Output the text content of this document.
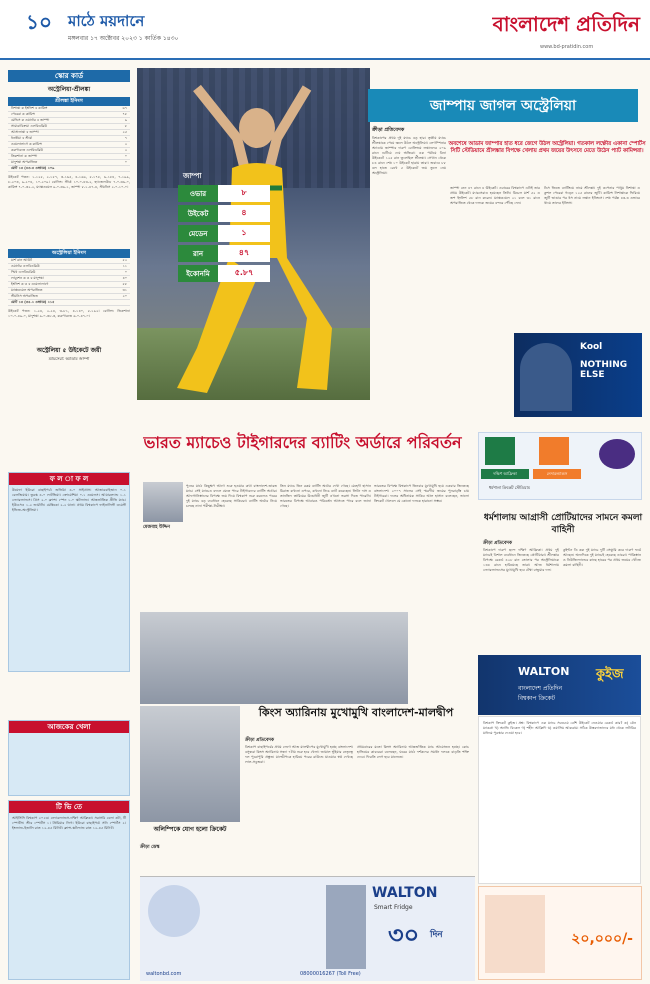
১০	মাঠে ময়দানে
মঙ্গলবার ১৭ অক্টোবর ২০২৩ ১ কার্তিক ১৪৩০
বাংলাদেশ প্রতিদিন
www.bd-pratidin.com
স্কোর কার্ড
অস্ট্রেলিয়া-শ্রীলঙ্কা
শ্রীলঙ্কা ইনিংস
নিশাঙ্কা ক ইংলিশ ব কামিন্স	৬৭
পেরেরা ক কামিন্স	৭৮
মেন্ডিস ক ওয়ার্নার ব জাম্পা	৯
সামারাবিক্রমা এলবিডব্লিউ	৮
আসালাঙ্কা ব জাম্পা	২৫
ধনঞ্জয়া ব স্টার্ক	৭
ওয়েলালাগে ক কামিন্স	২
করুণারত্নে এলবিডব্লিউ	২
তিকশানা ক জাম্পা	০
মাদুশঙ্কা অপরাজিত	০
মোট ১৩ (৪৩.৩ ওভারে) ২০৯
উইকেট পতন: ১-১২৫, ২-১৫৭, ৩-১৬৫, ৪-১৬৬, ৫-১৭৮, ৬-১৮৪, ৭-১৯৯, ৮-২০৩, ৯-২০৪, ১০-২০৯। বোলিং: স্টার্ক ১০-০-৪৩-২, হ্যাজেলউড ৭-০-৩৬-০, কামিন্স ৭-০-৩২-২, ম্যাক্সওয়েল ৯-০-৩৬-১, জাম্পা ৮-১-৪৭-৪, স্টয়নিস ২-০-১০-০।
অস্ট্রেলিয়া ইনিংস
মার্শ রান আউট	৫২
ওয়ার্নার এলবিডব্লিউ	১১
স্মিথ এলবিডব্লিউ	০
লাবুশেন ক ও ব মাদুশঙ্কা	৪০
ইংলিশ ক ও ব ওয়েলালাগে	৫৮
ম্যাক্সওয়েল অপরাজিত	৩১
স্টয়নিস অপরাজিত	২০
মোট ১৩ (৩৫.২ ওভারে) ২১৫
উইকেট পতন: ১-২৪, ২-২৪, ৩-৮১, ৪-১৪০, ৫-১৯২। বোলিং: তিকশানা ১০-০-৪৯-০, মাদুশঙ্কা ৯-০-৩৮-৩, করুণারত্নে ৬-০-৪৭-০।
অস্ট্রেলিয়া ৫ উইকেটে জয়ী
ম্যাচসেরা: অ্যাডাম জাম্পা
ফ ল া ফ ল
উয়েফা ইউরো বাছাইপর্ব। জর্জিয়া ৪-০ সাইপ্রাস। আজারবাইজান ০-১ বেলজিয়াম। তুরস্ক ৪-০ লাটভিয়া। ক্রোয়েশিয়া ০-১ ওয়েলস। আয়ারল্যান্ড ১-১ নেদারল্যান্ডস। গ্রিস ২-০ ফ্রান্স। স্পেন ১-০ স্কটল্যান্ড। আন্তর্জাতিক প্রীতি ম্যাচ। ইউএসএ ১-২ জার্মানি। মেক্সিকো ২-২ ঘানা। প্রথম বিশ্বকাপে ফাইনালিস্ট ওয়েস্ট ইন্ডিজ-অস্ট্রেলিয়া।
আজকের খেলা
টি ভি তে
আইসিসি বিশ্বকাপ ২০২৩। নেদারল্যান্ডস-দক্ষিণ আফ্রিকা। সরাসরি বেলা ৩টা, টি স্পোর্টস। স্টার স্পোর্টস ১। প্রিমিয়ার লিগ। ইউরো বাছাইপর্ব। সনি স্পোর্টস ২। ইংল্যান্ড-ইতালি রাত ১২-৪৫ মিনিট। ফ্রান্স-স্কটল্যান্ড রাত ১২-৪৫ মিনিট।
জাম্পা
ওভার	৮
উইকেট	৪
মেডেন	১
রান	৪৭
ইকোনমি	৫.৮৭
জাম্পায় জাগল অস্ট্রেলিয়া
ক্রীড়া প্রতিবেদক
অবশেষে আডাম জাম্পার হাত ধরে জেগে উঠল অস্ট্রেলিয়া। গতকাল লক্ষ্ণৌর একানা স্পোর্টস সিটি স্টেডিয়ামে শ্রীলঙ্কার বিপক্ষে খেলায় প্রথম জয়ের উৎসবে মেতে উঠেন প্যাট কামিন্সরা।
বিশ্বকাপের প্রথম দুই ম্যাচে বড় হার। তৃতীয় ম্যাচে শ্রীলঙ্কাকে পেয়ে জ্বলে উঠল অস্ট্রেলিয়া। লেগস্পিনার অ্যাডাম জাম্পার দারুণ বোলিংয়ে লঙ্কানদের ২০৯ রানে গুটিয়ে দেয় অজিরা। এক পর্যায়ে বিনা উইকেটে ১২৫ রান তুলেছিল শ্রীলঙ্কা। সেখান থেকে ৮৪ রানে শেষ ১০ উইকেট হারায় তারা। জবাবে ৮৮ বল হাতে রেখে ৫ উইকেটে জয় তুলে নেয় অস্ট্রেলিয়া।
জাম্পা নেন ৪৭ রানে ৪ উইকেট। এবারের বিশ্বকাপে এটাই তার প্রথম উইকেট। ম্যাচসেরাও হয়েছেন তিনি। মিচেল মার্শ ৫২ ও জশ ইংলিশ ৫৮ রান করেন। ম্যাক্সওয়েল ২১ বলে ৩১ রানে অপরাজিত থেকে দলকে জয়ের বন্দরে পৌঁছে দেন।
টসে জিতে ব্যাটিংয়ে নামে শ্রীলঙ্কা। দুই ওপেনার পাথুম নিশাঙ্কা ও কুশল পেরেরা গড়েন ১২৫ রানের জুটি। কামিন্স নিশাঙ্কাকে ফিরিয়ে জুটি ভাঙার পর ধস নামে লঙ্কান ইনিংসে। শেষ পর্যন্ত ৪৩.৩ ওভারে থামে তাদের ইনিংস।
Kool
NOTHING ELSE
ভারত ম্যাচেও টাইগারদের ব্যাটিং অর্ডারে পরিবর্তন
মেজবাহ উদ্দিন
পুনের মাঠে কিছুক্ষণ আগে শুরু হওয়ার কথা বাংলাদেশ-ভারত ম্যাচ। সেই ম্যাচেও বদলে যেতে পারে টাইগারদের ব্যাটিং অর্ডার। আফগানিস্তানের বিপক্ষে জয় দিয়ে বিশ্বকাপ শুরু করলেও পরের দুই ম্যাচে বড় ব্যবধানে হেরেছে সাকিবরা। ব্যাটিং অর্ডার নিয়ে চলছে নানা পরীক্ষা-নিরীক্ষা।
তিন ম্যাচে তিন রকম ব্যাটিং অর্ডার দেখা গেছে। মেহেদী হাসান মিরাজ কখনো ওপরে, কখনো নিচে ব্যাট করেছেন। লিটন দাস ও তানজিদ তামিমের উদ্বোধনী জুটি এখনো ভরসা দিতে পারেনি। ভারতের বিপক্ষে আবারও পরিবর্তন আসতে পারে বলে জানা গেছে।
ভারতের বিপক্ষে বিশ্বকাপে তিনবার মুখোমুখি হয়ে একবার জিতেছে বাংলাদেশ। ২০০৭ সালের সেই স্মরণীয় জয়ের পুনরাবৃত্তি চায় টাইগাররা। দলের অধিনায়ক সাকিব আল হাসান বলেছেন, ভালো ক্রিকেট খেললে যে কোনো দলকে হারানো সম্ভব।
দক্ষিণ আফ্রিকা	নেদারল্যান্ডস
ধর্মশালা ক্রিকেট স্টেডিয়াম
ধর্মশালায় আগ্রাসী প্রোটিয়াদের সামনে কমলা বাহিনী
ক্রীড়া প্রতিবেদক
বিশ্বকাপে দারুণ ছন্দে দক্ষিণ আফ্রিকা। প্রথম দুই ম্যাচেই বিশাল ব্যবধানে জিতেছে প্রোটিয়ারা। শ্রীলঙ্কার বিপক্ষে রেকর্ড ৪২৮ রান তোলার পর অস্ট্রেলিয়াকে ১৩৪ রানে হারিয়েছে তারা। আজ ধর্মশালায় নেদারল্যান্ডসের মুখোমুখি হবে টেম্বা বাভুমার দল।
কুইন্টন ডি কক দুই ম্যাচে দুটি সেঞ্চুরি করে দারুণ ফর্মে আছেন। অন্যদিকে দুই ম্যাচেই হেরেছে ডাচরা। পাকিস্তান ও নিউজিল্যান্ডের কাছে হারের পর প্রথম জয়ের খোঁজে কমলা বাহিনী।
কিংস অ্যারিনায় মুখোমুখি বাংলাদেশ-মালদ্বীপ
ক্রীড়া প্রতিবেদক
বিশ্বকাপ বাছাইপর্বের প্রথম লেগে আজ মালদ্বীপের মুখোমুখি হচ্ছে বাংলাদেশ। বসুন্ধরা কিংস অ্যারিনায় সন্ধ্যা ৭টায় শুরু হবে খেলা। জামাল ভূঁইয়ার নেতৃত্বে দল পুরোপুরি প্রস্তুত। মালদ্বীপকে হারিয়ে পরের রাউন্ডে যাওয়ার স্বপ্ন দেখছে লাল-সবুজরা।
প্রথমবারের মতো কিংস অ্যারিনায় আন্তর্জাতিক ম্যাচ আয়োজন হচ্ছে। কোচ হাভিয়ের কাবরেরা বলেছেন, ঘরের মাঠে দর্শকদের সমর্থন দলকে বাড়তি শক্তি দেবে। ফিরতি লেগ হবে মালেতে।
অলিম্পিকে যোগ হলো ক্রিকেট
ক্রীড়া ডেস্ক
WALTON
বাংলাদেশ প্রতিদিন
বিশ্বকাপ ক্রিকেট
কুইজ
বিশ্বকাপ ক্রিকেট কুইজ। প্রশ্ন: বিশ্বকাপে এক ম্যাচে সবচেয়ে বেশি উইকেট নেওয়ার রেকর্ড কার? ক) গ্লেন ম্যাকগ্রা খ) অ্যান্ডি বিকেল গ) শহীদ আফ্রিদি ঘ) ওয়াসিম আকরাম। সঠিক উত্তরদাতাদের মধ্য থেকে লটারির মাধ্যমে পুরস্কার দেওয়া হবে।
WALTON
Smart Fridge
৩০ দিন
waltonbd.com	08000016267 (Toll Free)
২০,০০০/-
